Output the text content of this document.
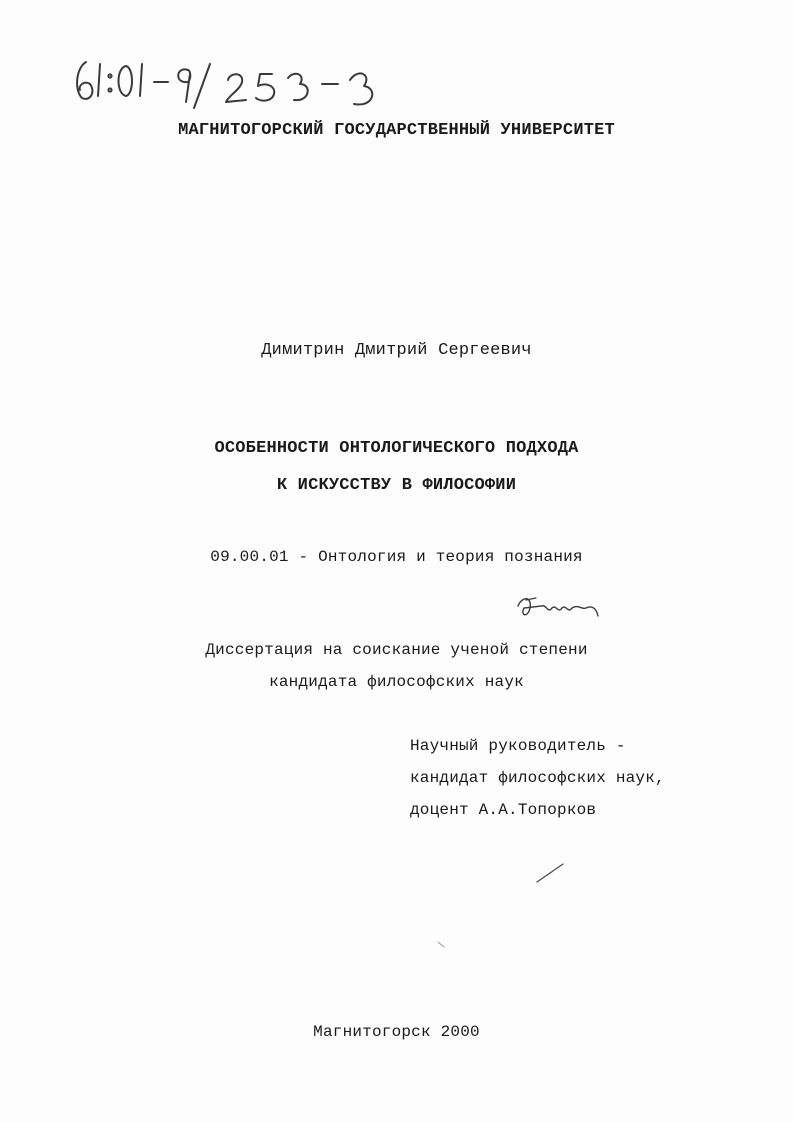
МАГНИТОГОРСКИЙ ГОСУДАРСТВЕННЫЙ УНИВЕРСИТЕТ
Димитрин Дмитрий Сергеевич
ОСОБЕННОСТИ ОНТОЛОГИЧЕСКОГО ПОДХОДА
К ИСКУССТВУ В ФИЛОСОФИИ
09.00.01 - Онтология и теория познания
Диссертация на соискание ученой степени
кандидата философских наук
Научный руководитель -
кандидат философских наук,
доцент А.А.Топорков
Магнитогорск 2000
